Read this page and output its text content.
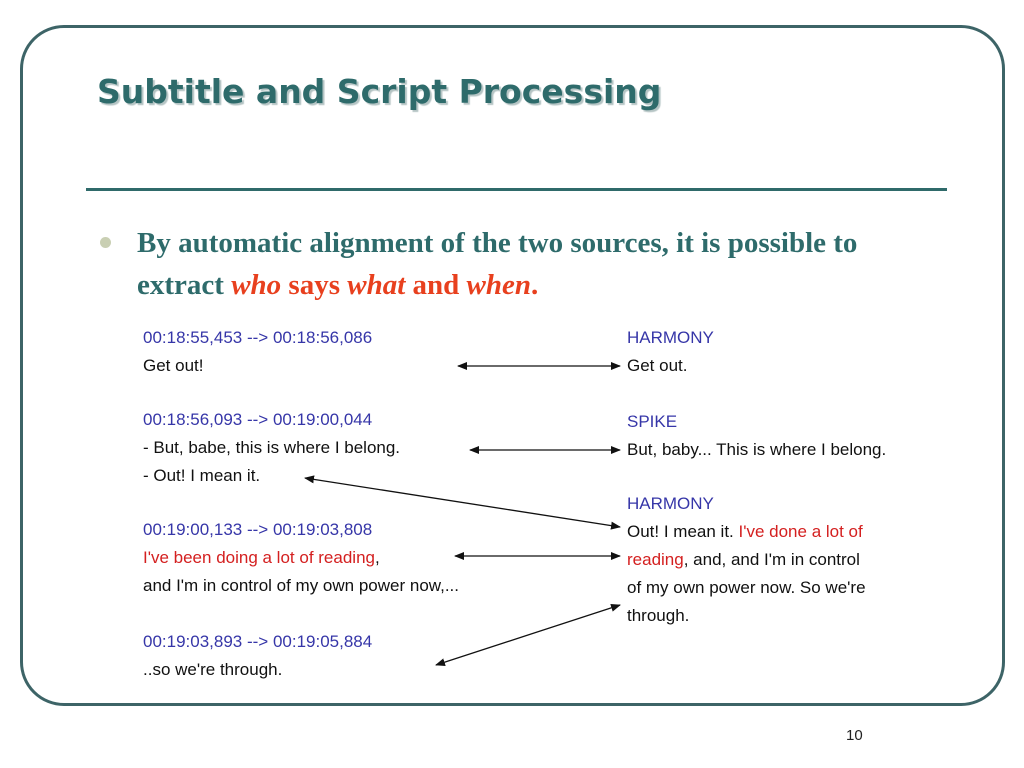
Subtitle and Script Processing

By automatic alignment of the two sources, it is possible to extract who says what and when.

00:18:55,453 --> 00:18:56,086
Get out!
00:18:56,093 --> 00:19:00,044
- But, babe, this is where I belong.
- Out! I mean it.
00:19:00,133 --> 00:19:03,808
I've been doing a lot of reading,
and I'm in control of my own power now,...
00:19:03,893 --> 00:19:05,884
..so we're through.
HARMONY
Get out.
SPIKE
But, baby... This is where I belong.
HARMONY
Out! I mean it. I've done a lot of
reading, and, and I'm in control
of my own power now. So we're
through.
10
